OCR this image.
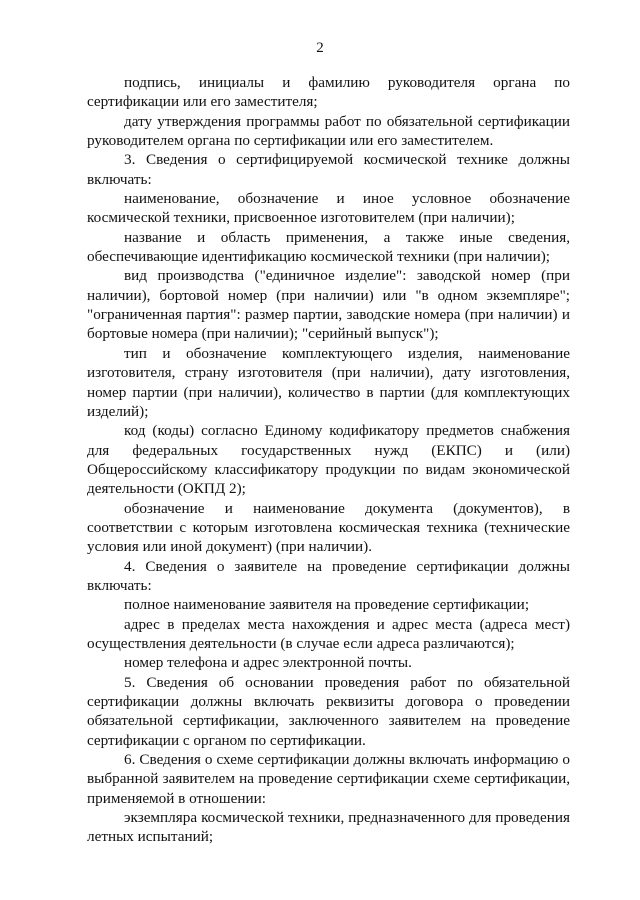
2

подпись, инициалы и фамилию руководителя органа по сертификации или его заместителя;

дату утверждения программы работ по обязательной сертификации руководителем органа по сертификации или его заместителем.

3. Сведения о сертифицируемой космической технике должны включать:

наименование, обозначение и иное условное обозначение космической техники, присвоенное изготовителем (при наличии);

название и область применения, а также иные сведения, обеспечивающие идентификацию космической техники (при наличии);

вид производства ("единичное изделие": заводской номер (при наличии), бортовой номер (при наличии) или "в одном экземпляре"; "ограниченная партия": размер партии, заводские номера (при наличии) и бортовые номера (при наличии); "серийный выпуск");

тип и обозначение комплектующего изделия, наименование изготовителя, страну изготовителя (при наличии), дату изготовления, номер партии (при наличии), количество в партии (для комплектующих изделий);

код (коды) согласно Единому кодификатору предметов снабжения для федеральных государственных нужд (ЕКПС) и (или) Общероссийскому классификатору продукции по видам экономической деятельности (ОКПД 2);

обозначение и наименование документа (документов), в соответствии с которым изготовлена космическая техника (технические условия или иной документ) (при наличии).

4. Сведения о заявителе на проведение сертификации должны включать:

полное наименование заявителя на проведение сертификации;

адрес в пределах места нахождения и адрес места (адреса мест) осуществления деятельности (в случае если адреса различаются);

номер телефона и адрес электронной почты.

5. Сведения об основании проведения работ по обязательной сертификации должны включать реквизиты договора о проведении обязательной сертификации, заключенного заявителем на проведение сертификации с органом по сертификации.

6. Сведения о схеме сертификации должны включать информацию о выбранной заявителем на проведение сертификации схеме сертификации, применяемой в отношении:

экземпляра космической техники, предназначенного для проведения летных испытаний;
